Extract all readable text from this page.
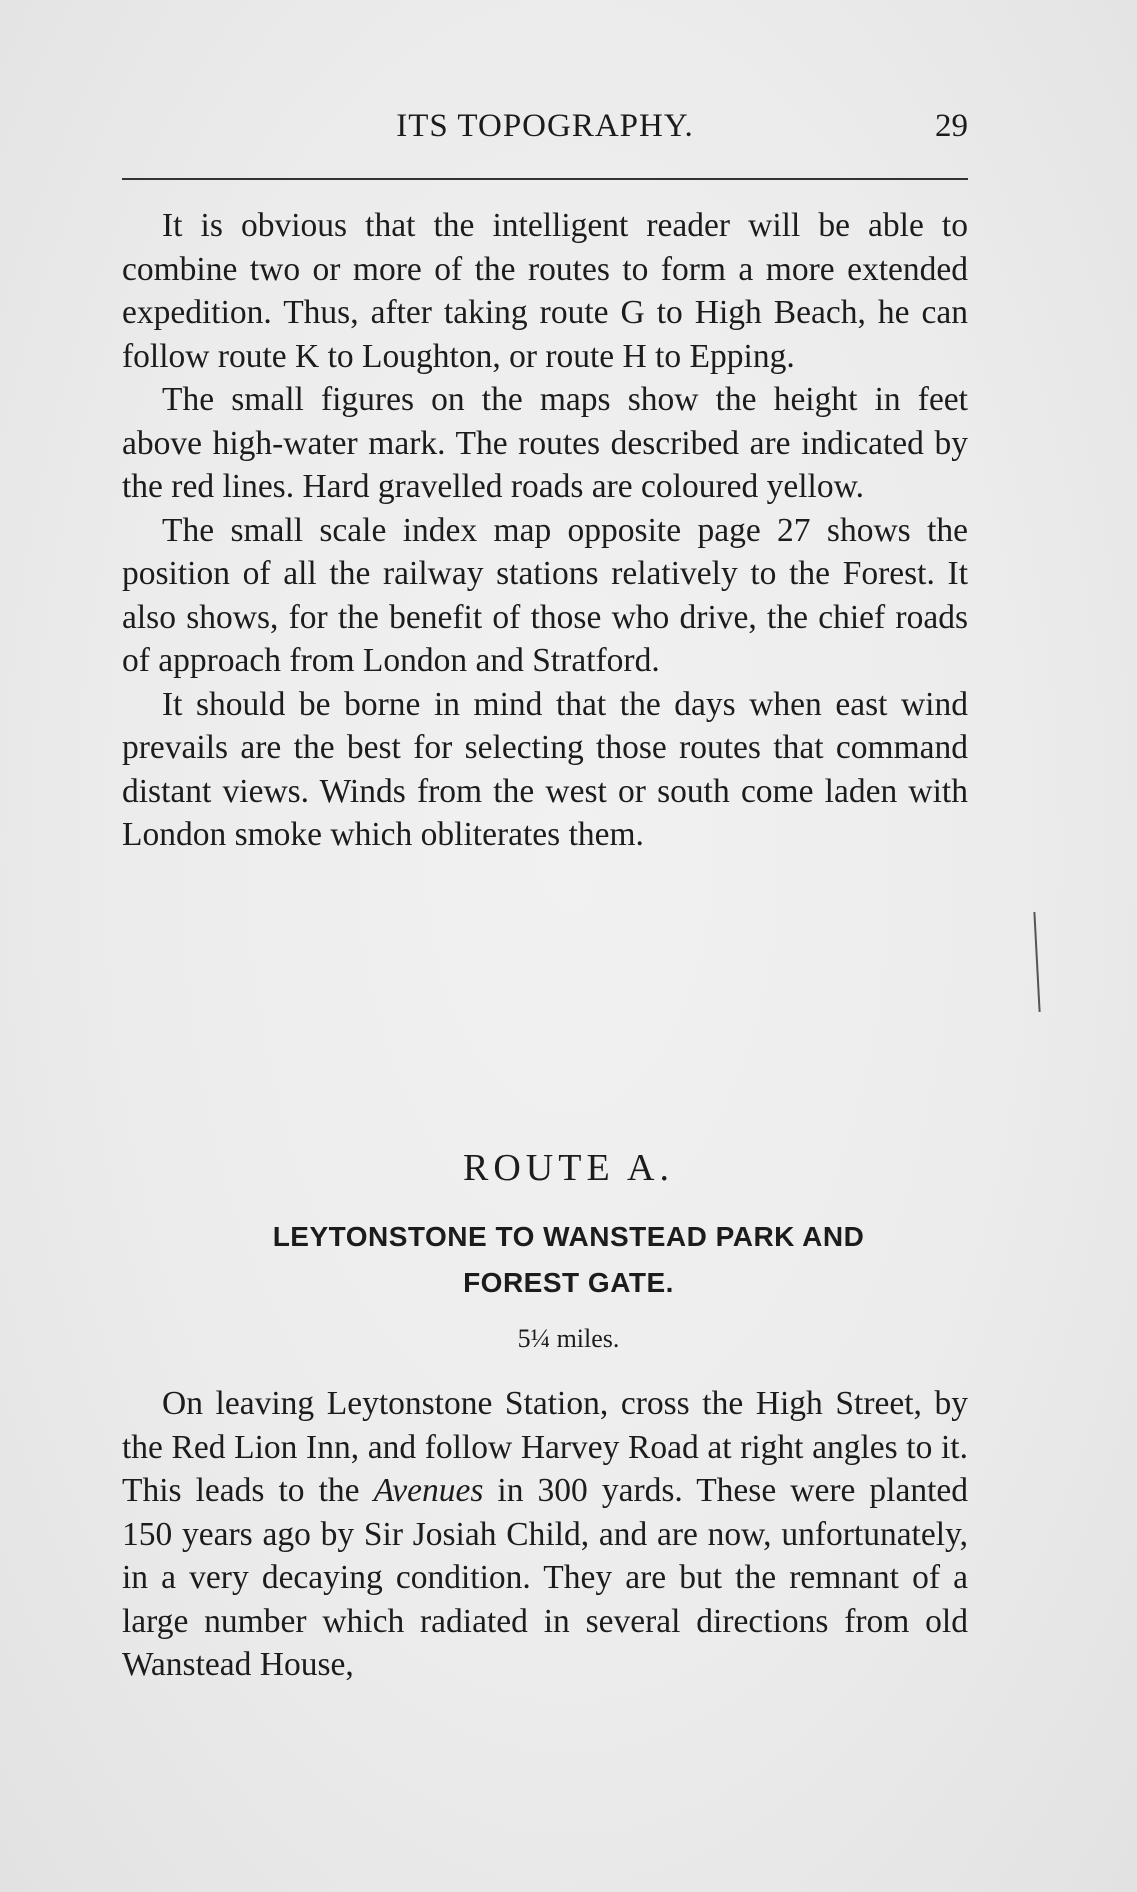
ITS TOPOGRAPHY.	29

It is obvious that the intelligent reader will be able to combine two or more of the routes to form a more extended expedition. Thus, after taking route G to High Beach, he can follow route K to Loughton, or route H to Epping.

The small figures on the maps show the height in feet above high-water mark. The routes described are indicated by the red lines. Hard gravelled roads are coloured yellow.

The small scale index map opposite page 27 shows the position of all the railway stations relatively to the Forest. It also shows, for the benefit of those who drive, the chief roads of approach from London and Stratford.

It should be borne in mind that the days when east wind prevails are the best for selecting those routes that command distant views. Winds from the west or south come laden with London smoke which obliterates them.

ROUTE A.
LEYTONSTONE TO WANSTEAD PARK AND
FOREST GATE.
5¼ miles.

On leaving Leytonstone Station, cross the High Street, by the Red Lion Inn, and follow Harvey Road at right angles to it. This leads to the Avenues in 300 yards. These were planted 150 years ago by Sir Josiah Child, and are now, unfortunately, in a very decaying condition. They are but the remnant of a large number which radiated in several directions from old Wanstead House,
